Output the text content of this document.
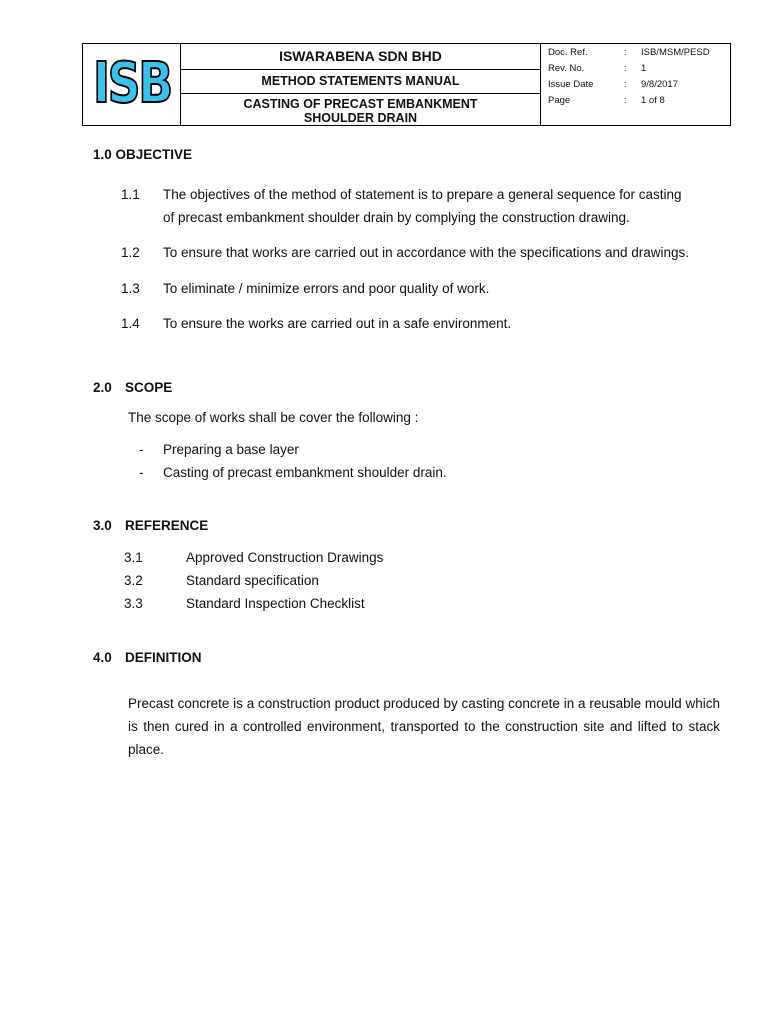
ISB	ISWARABENA SDN BHD
METHOD STATEMENTS MANUAL
CASTING OF PRECAST EMBANKMENT
SHOULDER DRAIN
Doc. Ref.	: ISB/MSM/PESD
Rev. No.	: 1
Issue Date	: 9/8/2017
Page	: 1 of 8
1.0 OBJECTIVE
1.1 The objectives of the method of statement is to prepare a general sequence for casting
of precast embankment shoulder drain by complying the construction drawing.
1.2 To ensure that works are carried out in accordance with the specifications and drawings.
1.3 To eliminate / minimize errors and poor quality of work.
1.4 To ensure the works are carried out in a safe environment.
2.0 SCOPE
The scope of works shall be cover the following :
- Preparing a base layer
- Casting of precast embankment shoulder drain.
3.0 REFERENCE
3.1	Approved Construction Drawings
3.2	Standard specification
3.3	Standard Inspection Checklist
4.0 DEFINITION
Precast concrete is a construction product produced by casting concrete in a reusable mould which is then cured in a controlled environment, transported to the construction site and lifted to stack place.
